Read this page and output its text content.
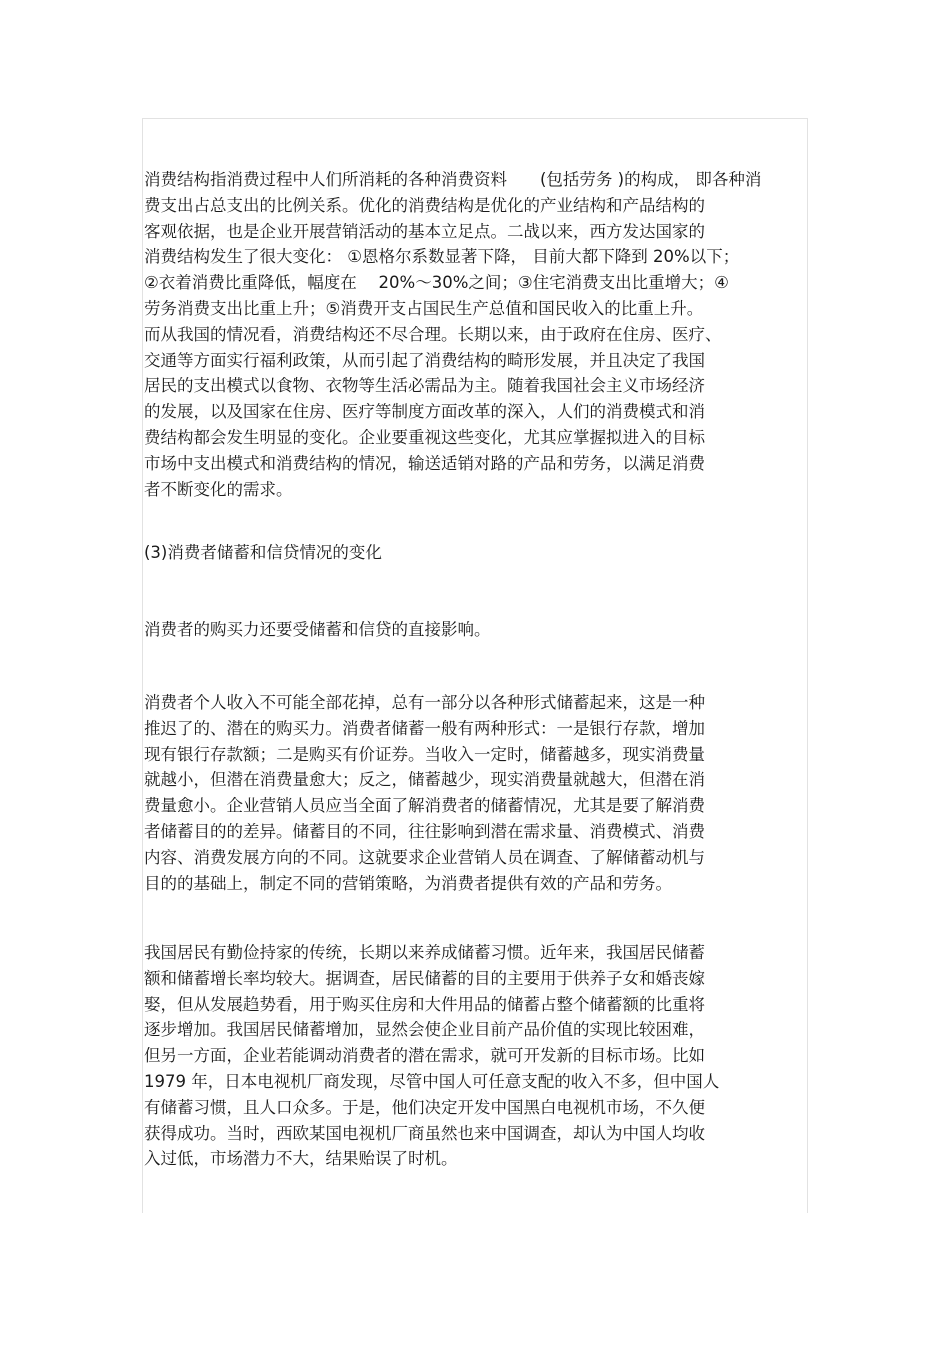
消费结构指消费过程中人们所消耗的各种消费资料　　(包括劳务 )的构成， 即各种消
费支出占总支出的比例关系。优化的消费结构是优化的产业结构和产品结构的
客观依据，也是企业开展营销活动的基本立足点。二战以来，西方发达国家的
消费结构发生了很大变化： ①恩格尔系数显著下降， 目前大都下降到 20%以下；
②衣着消费比重降低，幅度在　 20%～30%之间；③住宅消费支出比重增大；④
劳务消费支出比重上升；⑤消费开支占国民生产总值和国民收入的比重上升。
而从我国的情况看，消费结构还不尽合理。长期以来，由于政府在住房、医疗、
交通等方面实行福利政策，从而引起了消费结构的畸形发展，并且决定了我国
居民的支出模式以食物、衣物等生活必需品为主。随着我国社会主义市场经济
的发展，以及国家在住房、医疗等制度方面改革的深入，人们的消费模式和消
费结构都会发生明显的变化。企业要重视这些变化，尤其应掌握拟进入的目标
市场中支出模式和消费结构的情况，输送适销对路的产品和劳务，以满足消费
者不断变化的需求。
(3)消费者储蓄和信贷情况的变化
消费者的购买力还要受储蓄和信贷的直接影响。
消费者个人收入不可能全部花掉，总有一部分以各种形式储蓄起来，这是一种
推迟了的、潜在的购买力。消费者储蓄一般有两种形式：一是银行存款，增加
现有银行存款额；二是购买有价证券。当收入一定时，储蓄越多，现实消费量
就越小，但潜在消费量愈大；反之，储蓄越少，现实消费量就越大，但潜在消
费量愈小。企业营销人员应当全面了解消费者的储蓄情况，尤其是要了解消费
者储蓄目的的差异。储蓄目的不同，往往影响到潜在需求量、消费模式、消费
内容、消费发展方向的不同。这就要求企业营销人员在调查、了解储蓄动机与
目的的基础上，制定不同的营销策略，为消费者提供有效的产品和劳务。
我国居民有勤俭持家的传统，长期以来养成储蓄习惯。近年来，我国居民储蓄
额和储蓄增长率均较大。据调查，居民储蓄的目的主要用于供养子女和婚丧嫁
娶，但从发展趋势看，用于购买住房和大件用品的储蓄占整个储蓄额的比重将
逐步增加。我国居民储蓄增加，显然会使企业目前产品价值的实现比较困难，
但另一方面，企业若能调动消费者的潜在需求，就可开发新的目标市场。比如
1979 年，日本电视机厂商发现，尽管中国人可任意支配的收入不多，但中国人
有储蓄习惯，且人口众多。于是，他们决定开发中国黑白电视机市场，不久便
获得成功。当时，西欧某国电视机厂商虽然也来中国调查，却认为中国人均收
入过低，市场潜力不大，结果贻误了时机。
